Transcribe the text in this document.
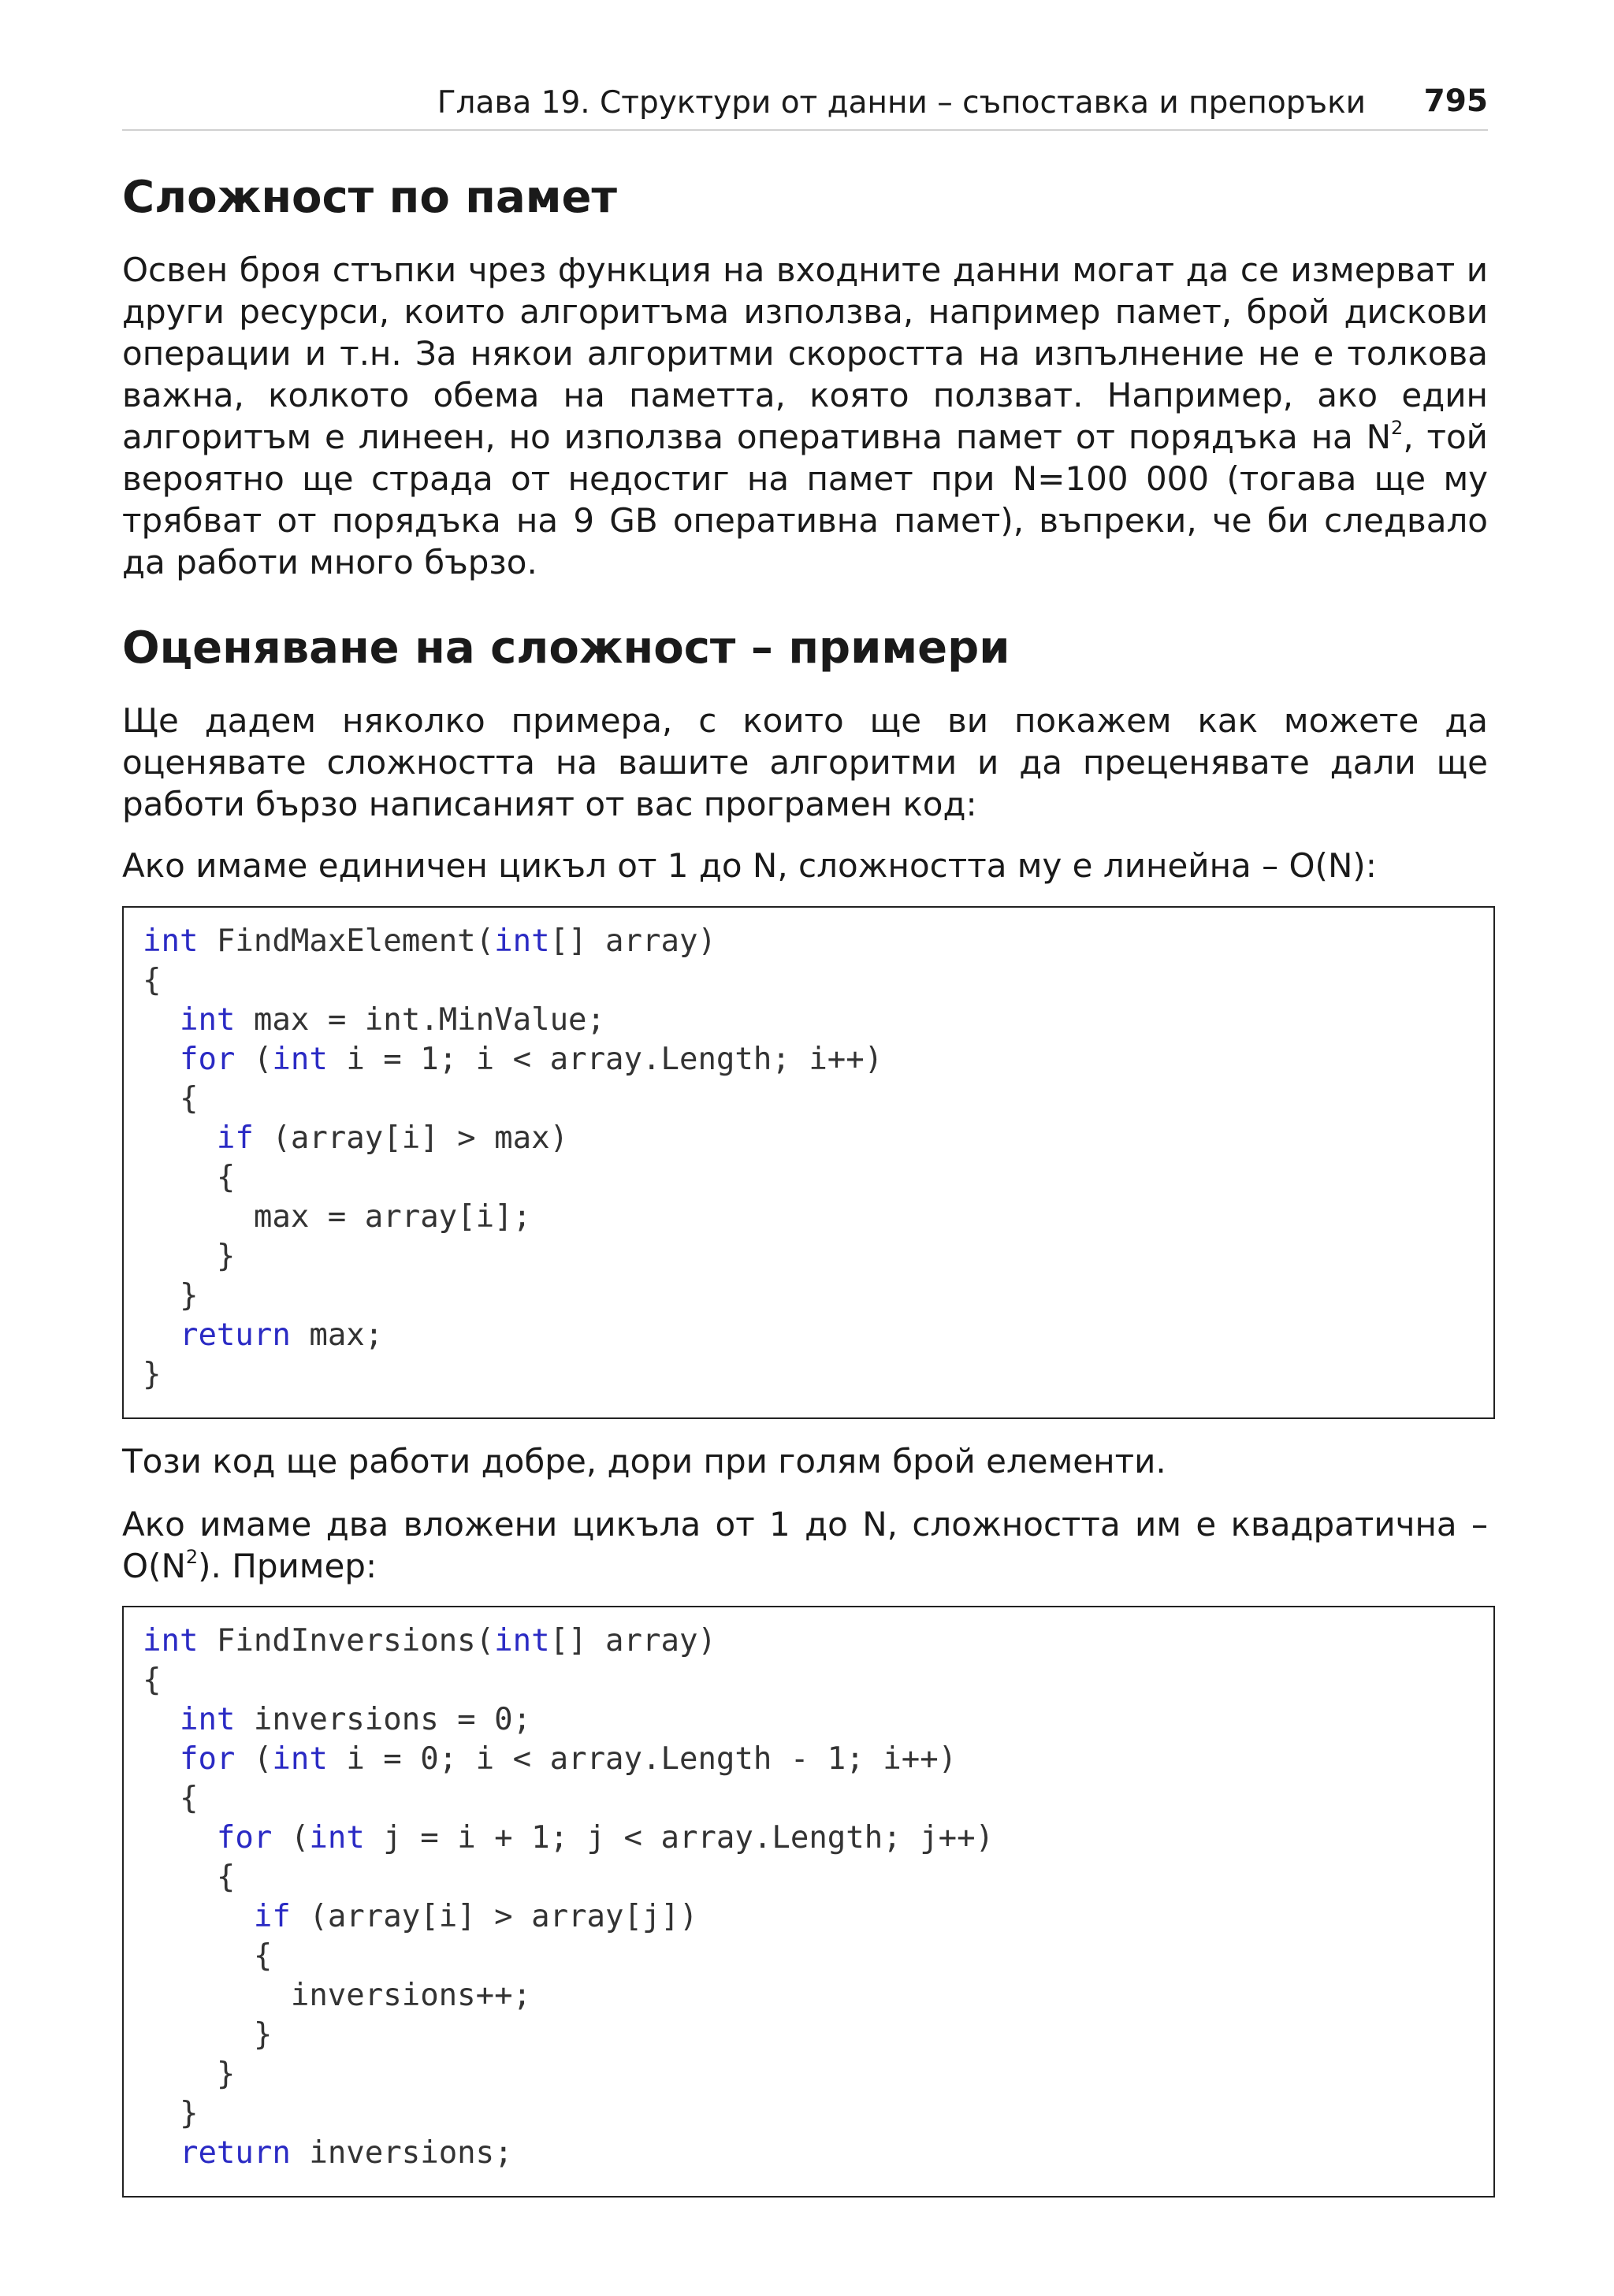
Глава 19. Структури от данни – съпоставка и препоръки 795
Сложност по памет

Освен броя стъпки чрез функция на входните данни могат да се измерват и други ресурси, които алгоритъма използва, например памет, брой дискови операции и т.н. За някои алгоритми скоростта на изпълнение не е толкова важна, колкото обема на паметта, която ползват. Например, ако един алгоритъм е линеен, но използва оперативна памет от порядъка на $N^2$, той вероятно ще страда от недостиг на памет при N=100 000 (тогава ще му трябват от порядъка на 9 GB оперативна памет), въпреки, че би следвало да работи много бързо.

Оценяване на сложност – примери

Ще дадем няколко примера, с които ще ви покажем как можете да оценявате сложността на вашите алгоритми и да преценявате дали ще работи бързо написаният от вас програмен код:

Ако имаме единичен цикъл от 1 до N, сложността му е линейна – O(N):

int FindMaxElement(int[] array)
{
int max = int.MinValue;
for (int i = 1; i < array.Length; i++)
{
if (array[i] > max)
{
max = array[i];
}
}
return max;
}

Този код ще работи добре, дори при голям брой елементи.

Ако имаме два вложени цикъла от 1 до N, сложността им е квадратична – $O(N^2)$. Пример:

int FindInversions(int[] array)
{
int inversions = 0;
for (int i = 0; i < array.Length - 1; i++)
{
for (int j = i + 1; j < array.Length; j++)
{
if (array[i] > array[j])
{
inversions++;
}
}
}
return inversions;
